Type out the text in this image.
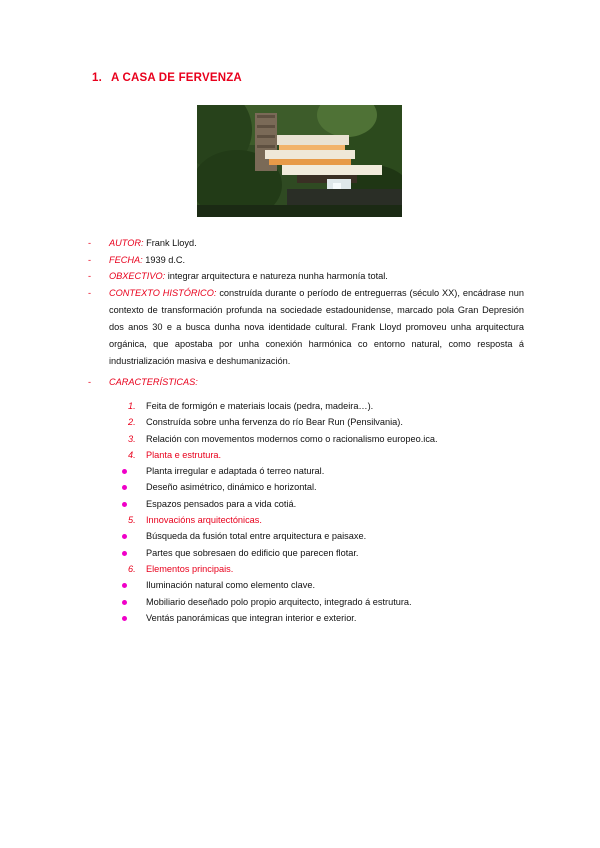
1. A CASA DE FERVENZA
- AUTOR: Frank Lloyd.
- FECHA: 1939 d.C.
- OBXECTIVO: integrar arquitectura e natureza nunha harmonía total.
- CONTEXTO HISTÓRICO: construída durante o período de entreguerras (século XX), encádrase nun contexto de transformación profunda na sociedade estadounidense, marcado pola Gran Depresión dos anos 30 e a busca dunha nova identidade cultural. Frank Lloyd promoveu unha arquitectura orgánica, que apostaba por unha conexión harmónica co entorno natural, como resposta á industrialización masiva e deshumanización.
- CARACTERÍSTICAS:
1. Feita de formigón e materiais locais (pedra, madeira…).
2. Construída sobre unha fervenza do río Bear Run (Pensilvania).
3. Relación con movementos modernos como o racionalismo europeo.ica.
4. Planta e estrutura.
Planta irregular e adaptada ó terreo natural.
Deseño asimétrico, dinámico e horizontal.
Espazos pensados para a vida cotiá.
5. Innovacións arquitectónicas.
Búsqueda da fusión total entre arquitectura e paisaxe.
Partes que sobresaen do edificio que parecen flotar.
6. Elementos principais.
Iluminación natural como elemento clave.
Mobiliario deseñado polo propio arquitecto, integrado á estrutura.
Ventás panorámicas que integran interior e exterior.
